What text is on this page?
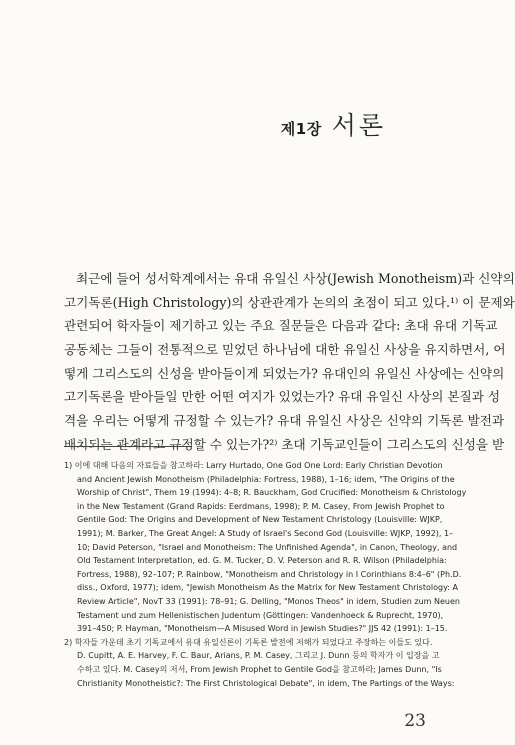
제1장 서론
최근에 들어 성서학계에서는 유대 유일신 사상(Jewish Monotheism)과 신약의
고기독론(High Christology)의 상관관계가 논의의 초점이 되고 있다.¹⁾ 이 문제와
관련되어 학자들이 제기하고 있는 주요 질문들은 다음과 같다: 초대 유대 기독교
공동체는 그들이 전통적으로 믿었던 하나님에 대한 유일신 사상을 유지하면서, 어
떻게 그리스도의 신성을 받아들이게 되었는가? 유대인의 유일신 사상에는 신약의
고기독론을 받아들일 만한 어떤 여지가 있었는가? 유대 유일신 사상의 본질과 성
격을 우리는 어떻게 규정할 수 있는가? 유대 유일신 사상은 신약의 기독론 발전과
배치되는 관계라고 규정할 수 있는가?²⁾ 초대 기독교인들이 그리스도의 신성을 받
1) 이에 대해 다음의 자료들을 참고하라: Larry Hurtado, One God One Lord: Early Christian Devotion
and Ancient Jewish Monotheism (Philadelphia: Fortress, 1988), 1–16; idem, "The Origins of the
Worship of Christ", Them 19 (1994): 4–8; R. Bauckham, God Crucified: Monotheism & Christology
in the New Testament (Grand Rapids: Eerdmans, 1998); P. M. Casey, From Jewish Prophet to
Gentile God: The Origins and Development of New Testament Christology (Louisville: WJKP,
1991); M. Barker, The Great Angel: A Study of Israel's Second God (Louisville: WJKP, 1992), 1–
10; David Peterson, "Israel and Monotheism: The Unfinished Agenda", in Canon, Theology, and
Old Testament Interpretation, ed. G. M. Tucker, D. V. Peterson and R. R. Wilson (Philadelphia:
Fortress, 1988), 92–107; P. Rainbow, "Monotheism and Christology in I Corinthians 8:4–6" (Ph.D.
diss., Oxford, 1977); idem, "Jewish Monotheism As the Matrix for New Testament Christology: A
Review Article", NovT 33 (1991): 78–91; G. Delling, "Monos Theos" in idem, Studien zum Neuen
Testament und zum Hellenistischen Judentum (Göttingen: Vandenhoeck & Ruprecht, 1970),
391–450; P. Hayman, "Monotheism—A Misused Word in Jewish Studies?" JJS 42 (1991): 1–15.
2) 학자들 가운데 초기 기독교에서 유대 유일신론이 기독론 발전에 저해가 되었다고 주장하는 이들도 있다.
D. Cupitt, A. E. Harvey, F. C. Baur, Arians, P. M. Casey, 그리고 J. Dunn 등의 학자가 이 입장을 고
수하고 있다. M. Casey의 저서, From Jewish Prophet to Gentile God을 참고하라; James Dunn, "Is
Christianity Monotheistic?: The First Christological Debate", in idem, The Partings of the Ways:
23
